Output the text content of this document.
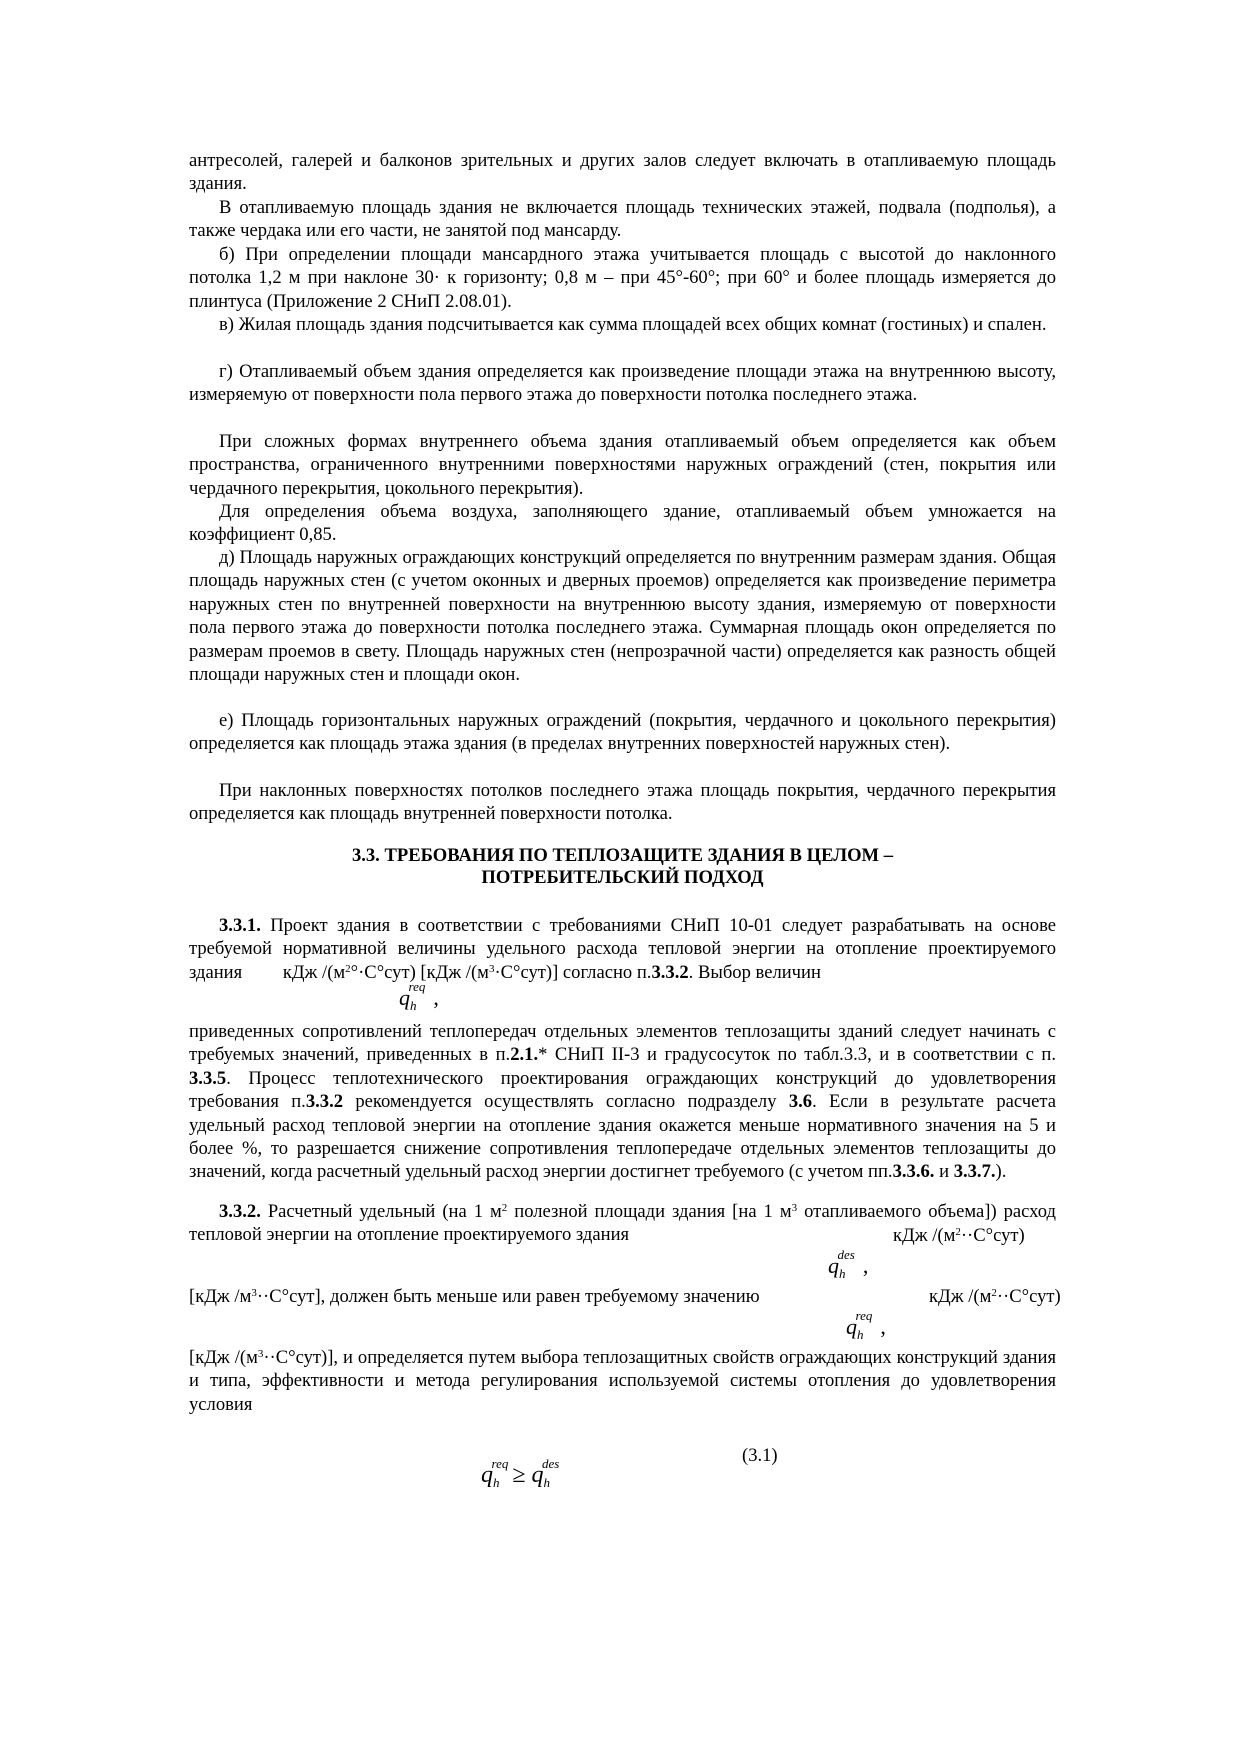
антресолей, галерей и балконов зрительных и других залов следует включать в отапливаемую площадь здания.

В отапливаемую площадь здания не включается площадь технических этажей, подвала (подполья), а также чердака или его части, не занятой под мансарду.

б) При определении площади мансардного этажа учитывается площадь с высотой до наклонного потолка 1,2 м при наклоне 30· к горизонту; 0,8 м – при 45°-60°; при 60° и более площадь измеряется до плинтуса (Приложение 2 СНиП 2.08.01).

в) Жилая площадь здания подсчитывается как сумма площадей всех общих комнат (гостиных) и спален.

г) Отапливаемый объем здания определяется как произведение площади этажа на внутреннюю высоту, измеряемую от поверхности пола первого этажа до поверхности потолка последнего этажа.

При сложных формах внутреннего объема здания отапливаемый объем определяется как объем пространства, ограниченного внутренними поверхностями наружных ограждений (стен, покрытия или чердачного перекрытия, цокольного перекрытия).

Для определения объема воздуха, заполняющего здание, отапливаемый объем умножается на коэффициент 0,85.

д) Площадь наружных ограждающих конструкций определяется по внутренним размерам здания. Общая площадь наружных стен (с учетом оконных и дверных проемов) определяется как произведение периметра наружных стен по внутренней поверхности на внутреннюю высоту здания, измеряемую от поверхности пола первого этажа до поверхности потолка последнего этажа. Суммарная площадь окон определяется по размерам проемов в свету. Площадь наружных стен (непрозрачной части) определяется как разность общей площади наружных стен и площади окон.

е) Площадь горизонтальных наружных ограждений (покрытия, чердачного и цокольного перекрытия) определяется как площадь этажа здания (в пределах внутренних поверхностей наружных стен).

При наклонных поверхностях потолков последнего этажа площадь покрытия, чердачного перекрытия определяется как площадь внутренней поверхности потолка.

3.3. ТРЕБОВАНИЯ ПО ТЕПЛОЗАЩИТЕ ЗДАНИЯ В ЦЕЛОМ –
ПОТРЕБИТЕЛЬСКИЙ ПОДХОД

3.3.1. Проект здания в соответствии с требованиями СНиП 10-01 следует разрабатывать на основе требуемой нормативной величины удельного расхода тепловой энергии на отопление проектируемого здания кДж $/(м^2^\circ\cdot С^\circ сут)$ [кДж $/(м^3\cdot С^\circ сут)$] согласно п.3.3.2. Выбор величин

$q_h^{req}$ ,

приведенных сопротивлений теплопередач отдельных элементов теплозащиты зданий следует начинать с требуемых значений, приведенных в п.2.1.* СНиП II-3 и градусосуток по табл.3.3, и в соответствии с п. 3.3.5. Процесс теплотехнического проектирования ограждающих конструкций до удовлетворения требования п.3.3.2 рекомендуется осуществлять согласно подразделу 3.6. Если в результате расчета удельный расход тепловой энергии на отопление здания окажется меньше нормативного значения на 5 и более %, то разрешается снижение сопротивления теплопередаче отдельных элементов теплозащиты до значений, когда расчетный удельный расход энергии достигнет требуемого (с учетом пп.3.3.6. и 3.3.7.).

3.3.2. Расчетный удельный (на 1 $м^2$ полезной площади здания [на 1 $м^3$ отапливаемого объема]) расход тепловой энергии на отопление проектируемого здания	кДж $/(м^2\cdot\cdot С^\circ сут)$
$q_h^{des}$ ,
[кДж $/м^3\cdot\cdot С^\circ сут$], должен быть меньше или равен требуемому значению	кДж $/(м^2\cdot\cdot С^\circ сут)$
$q_h^{req}$ ,

[кДж $/(м^3\cdot\cdot С^\circ сут)$], и определяется путем выбора теплозащитных свойств ограждающих конструкций здания и типа, эффективности и метода регулирования используемой системы отопления до удовлетворения условия

(3.1)
$q_h^{req} \ge q_h^{des}$
